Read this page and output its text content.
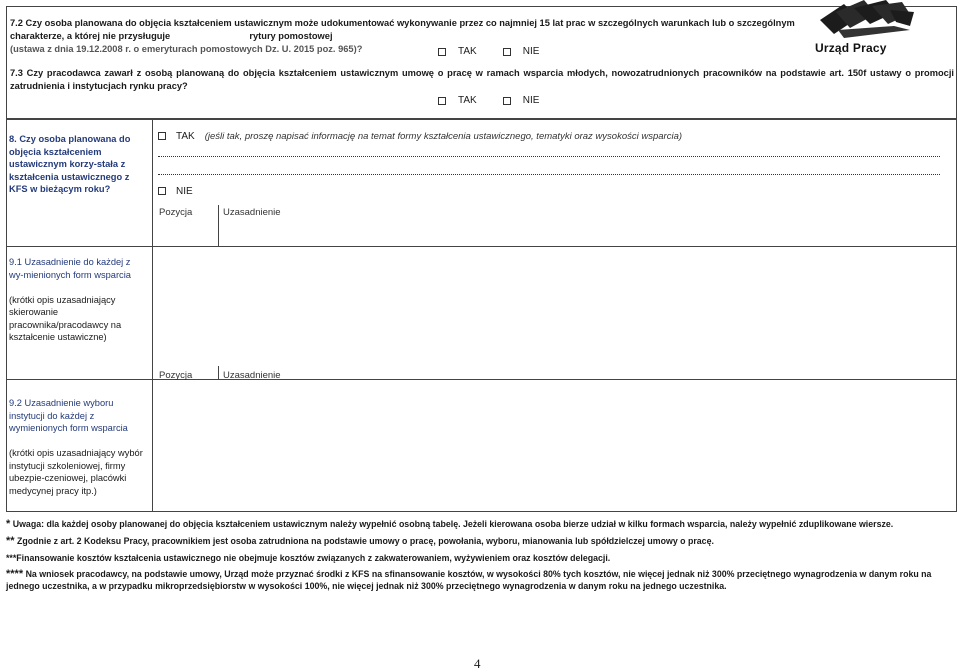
7.2 Czy osoba planowana do objęcia kształceniem ustawicznym może udokumentować wykonywanie przez co najmniej 15 lat prac w szczególnych warunkach lub o szczególnym charakterze, a której nie przysługuje	rytury pomostowej
(ustawa z dnia 19.12.2008 r. o emeryturach pomostowych Dz. U. 2015 poz. 965)?	TAK	NIE
7.3 Czy pracodawca zawarł z osobą planowaną do objęcia kształceniem ustawicznym umowę o pracę w ramach wsparcia młodych, nowozatrudnionych pracowników na podstawie art. 150f ustawy o promocji zatrudnienia i instytucjach rynku pracy?
TAK	NIE
Urząd Pracy
8. Czy osoba planowana do objęcia kształceniem ustawicznym korzy-stała z kształcenia ustawicznego z KFS w bieżącym roku?
TAK (jeśli tak, proszę napisać informację na temat formy kształcenia ustawicznego, tematyki oraz wysokości wsparcia)
NIE
Pozycja	Uzasadnienie
9.1 Uzasadnienie do każdej z wy-mienionych form wsparcia

(krótki opis uzasadniający skierowanie pracownika/pracodawcy na kształcenie ustawiczne)
Pozycja	Uzasadnienie
9.2 Uzasadnienie wyboru instytucji do każdej z wymienionych form wsparcia

(krótki opis uzasadniający wybór instytucji szkoleniowej, firmy ubezpie-czeniowej, placówki medycynej pracy itp.)
* Uwaga: dla każdej osoby planowanej do objęcia kształceniem ustawicznym należy wypełnić osobną tabelę. Jeżeli kierowana osoba bierze udział w kilku formach wsparcia, należy wypełnić zduplikowane wiersze.
** Zgodnie z art. 2 Kodeksu Pracy, pracownikiem jest osoba zatrudniona na podstawie umowy o pracę, powołania, wyboru, mianowania lub spółdzielczej umowy o pracę.
***Finansowanie kosztów kształcenia ustawicznego nie obejmuje kosztów związanych z zakwaterowaniem, wyżywieniem oraz kosztów delegacji.
**** Na wniosek pracodawcy, na podstawie umowy, Urząd może przyznać środki z KFS na sfinansowanie kosztów, w wysokości 80% tych kosztów, nie więcej jednak niż 300% przeciętnego wynagrodzenia w danym roku na jednego uczestnika, a w przypadku mikroprzedsiębiorstw w wysokości 100%, nie więcej jednak niż 300% przeciętnego wynagrodzenia w danym roku na jednego uczestnika.
4
